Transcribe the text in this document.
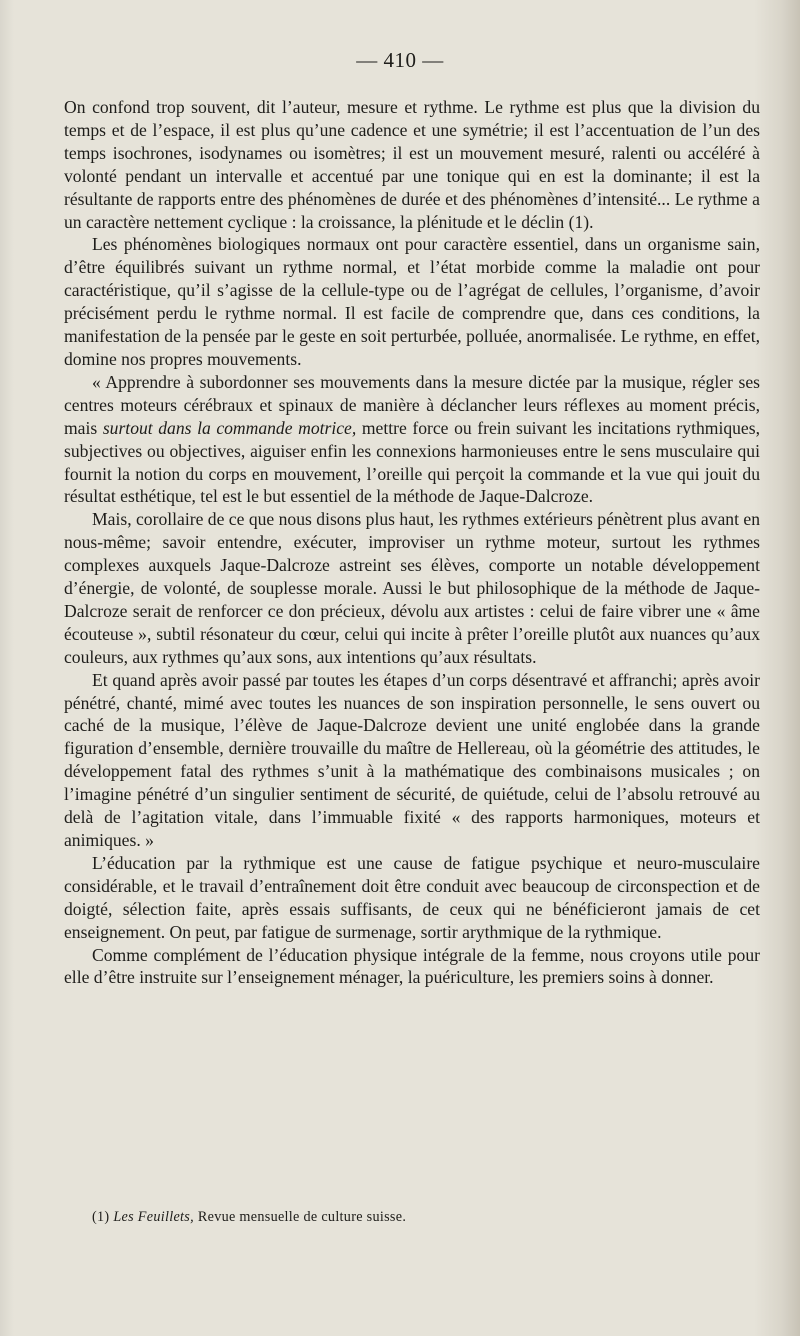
— 410 —

On confond trop souvent, dit l’auteur, mesure et rythme. Le rythme est plus que la division du temps et de l’espace, il est plus qu’une cadence et une symétrie; il est l’accentuation de l’un des temps isochrones, isodynames ou isomètres; il est un mouvement mesuré, ralenti ou accéléré à volonté pendant un intervalle et accentué par une tonique qui en est la dominante; il est la résultante de rapports entre des phénomènes de durée et des phénomènes d’intensité... Le rythme a un caractère nettement cyclique : la croissance, la plénitude et le déclin (1).

Les phénomènes biologiques normaux ont pour caractère essentiel, dans un organisme sain, d’être équilibrés suivant un rythme normal, et l’état morbide comme la maladie ont pour caractéristique, qu’il s’agisse de la cellule-type ou de l’agrégat de cellules, l’organisme, d’avoir précisément perdu le rythme normal. Il est facile de comprendre que, dans ces conditions, la manifestation de la pensée par le geste en soit perturbée, polluée, anormalisée. Le rythme, en effet, domine nos propres mouvements.

« Apprendre à subordonner ses mouvements dans la mesure dictée par la musique, régler ses centres moteurs cérébraux et spinaux de manière à déclancher leurs réflexes au moment précis, mais surtout dans la commande motrice, mettre force ou frein suivant les incitations rythmiques, subjectives ou objectives, aiguiser enfin les connexions harmonieuses entre le sens musculaire qui fournit la notion du corps en mouvement, l’oreille qui perçoit la commande et la vue qui jouit du résultat esthétique, tel est le but essentiel de la méthode de Jaque-Dalcroze.

Mais, corollaire de ce que nous disons plus haut, les rythmes extérieurs pénètrent plus avant en nous-même; savoir entendre, exécuter, improviser un rythme moteur, surtout les rythmes complexes auxquels Jaque-Dalcroze astreint ses élèves, comporte un notable développement d’énergie, de volonté, de souplesse morale. Aussi le but philosophique de la méthode de Jaque-Dalcroze serait de renforcer ce don précieux, dévolu aux artistes : celui de faire vibrer une « âme écouteuse », subtil résonateur du cœur, celui qui incite à prêter l’oreille plutôt aux nuances qu’aux couleurs, aux rythmes qu’aux sons, aux intentions qu’aux résultats.

Et quand après avoir passé par toutes les étapes d’un corps désentravé et affranchi; après avoir pénétré, chanté, mimé avec toutes les nuances de son inspiration personnelle, le sens ouvert ou caché de la musique, l’élève de Jaque-Dalcroze devient une unité englobée dans la grande figuration d’ensemble, dernière trouvaille du maître de Hellereau, où la géométrie des attitudes, le développement fatal des rythmes s’unit à la mathématique des combinaisons musicales ; on l’imagine pénétré d’un singulier sentiment de sécurité, de quiétude, celui de l’absolu retrouvé au delà de l’agitation vitale, dans l’immuable fixité « des rapports harmoniques, moteurs et animiques. »

L’éducation par la rythmique est une cause de fatigue psychique et neuro-musculaire considérable, et le travail d’entraînement doit être conduit avec beaucoup de circonspection et de doigté, sélection faite, après essais suffisants, de ceux qui ne bénéficieront jamais de cet enseignement. On peut, par fatigue de surmenage, sortir arythmique de la rythmique.

Comme complément de l’éducation physique intégrale de la femme, nous croyons utile pour elle d’être instruite sur l’enseignement ménager, la puériculture, les premiers soins à donner.

(1) Les Feuillets, Revue mensuelle de culture suisse.
